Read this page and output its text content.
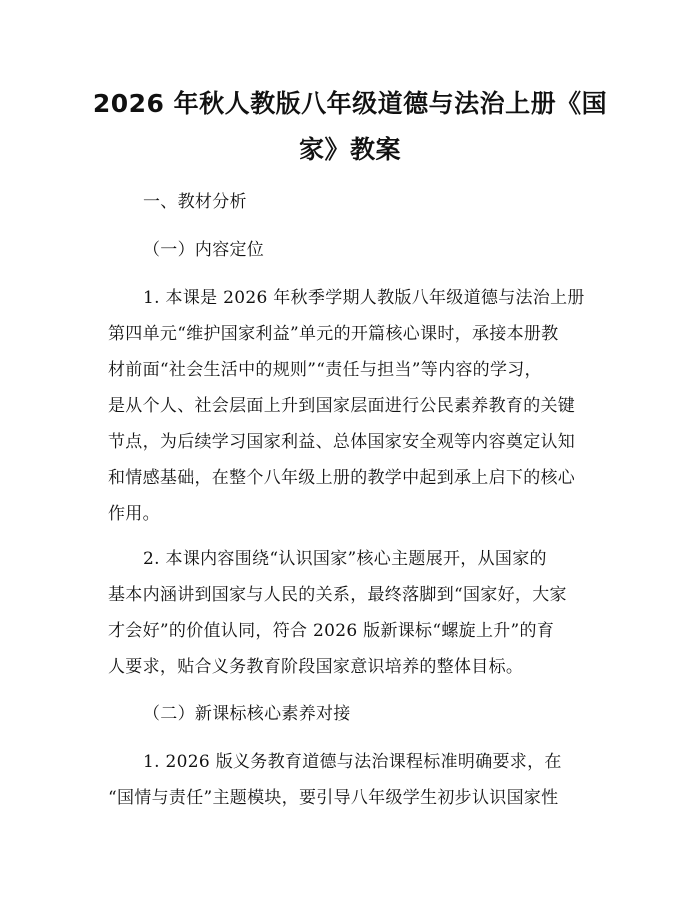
2026 年秋人教版八年级道德与法治上册《国
家》教案
一、教材分析
（一）内容定位
1. 本课是 2026 年秋季学期人教版八年级道德与法治上册
第四单元“维护国家利益”单元的开篇核心课时，承接本册教
材前面“社会生活中的规则”“责任与担当”等内容的学习，
是从个人、社会层面上升到国家层面进行公民素养教育的关键
节点，为后续学习国家利益、总体国家安全观等内容奠定认知
和情感基础，在整个八年级上册的教学中起到承上启下的核心
作用。
2. 本课内容围绕“认识国家”核心主题展开，从国家的
基本内涵讲到国家与人民的关系，最终落脚到“国家好，大家
才会好”的价值认同，符合 2026 版新课标“螺旋上升”的育
人要求，贴合义务教育阶段国家意识培养的整体目标。
（二）新课标核心素养对接
1. 2026 版义务教育道德与法治课程标准明确要求，在
“国情与责任”主题模块，要引导八年级学生初步认识国家性
